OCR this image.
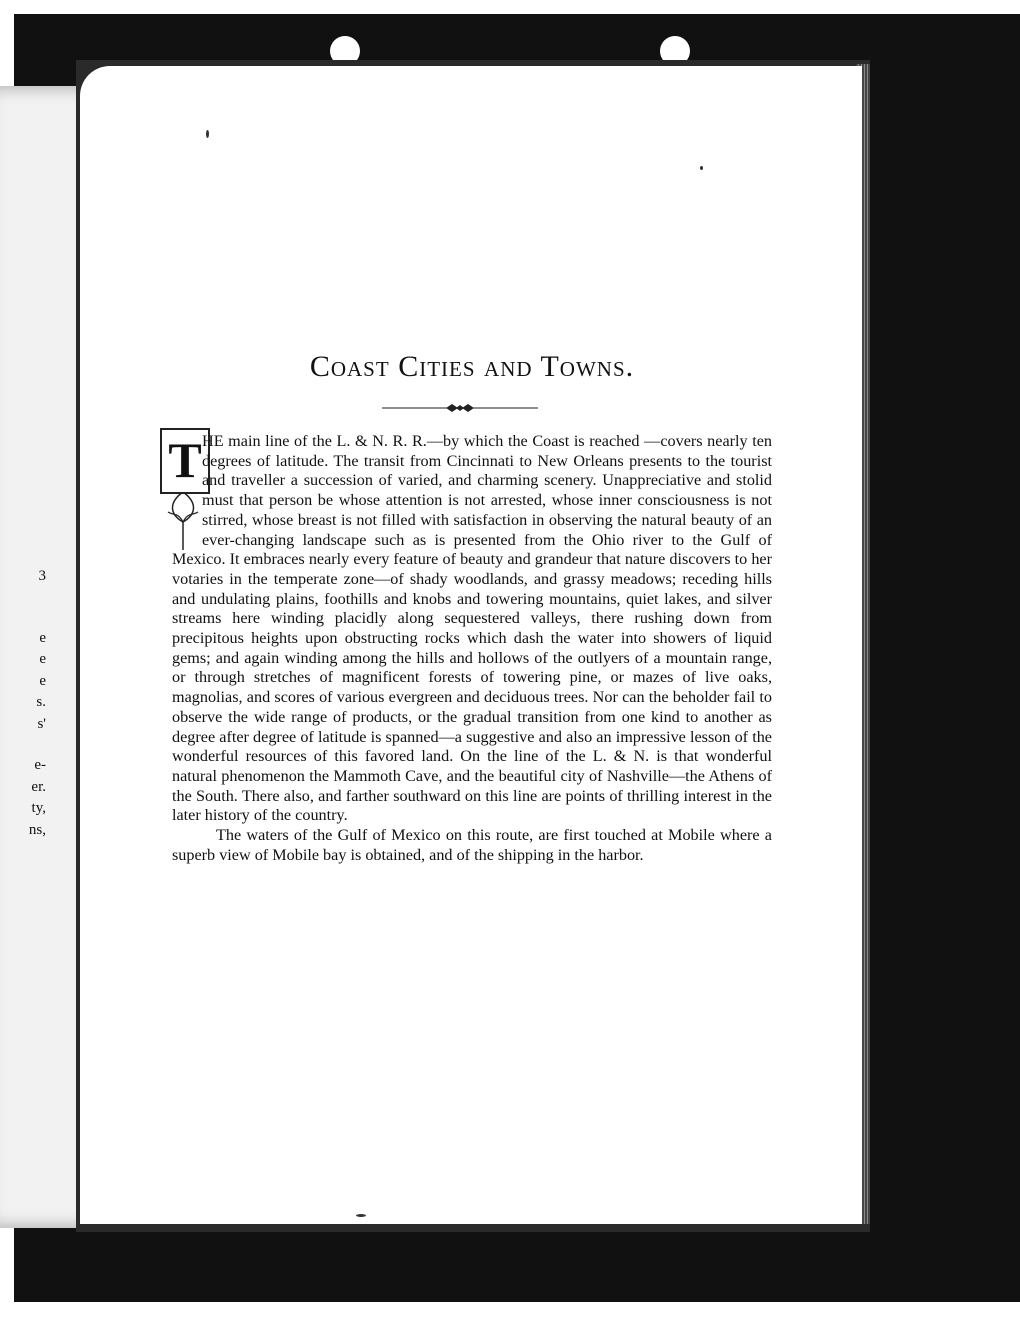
3
e
e
e
s.
s'
e-
er.
ty,
ns,
Coast Cities and Towns.
T HE main line of the L. & N. R. R.—by which the Coast is reached —covers nearly ten degrees of latitude. The transit from Cincinnati to New Orleans presents to the tourist and traveller a succession of varied, and charming scenery. Unappreciative and stolid must that person be whose attention is not arrested, whose inner consciousness is not stirred, whose breast is not filled with satisfaction in observing the natural beauty of an ever-changing landscape such as is presented from the Ohio river to the Gulf of Mexico. It embraces nearly every feature of beauty and grandeur that nature discovers to her votaries in the temperate zone—of shady woodlands, and grassy meadows; receding hills and undulating plains, foothills and knobs and towering mountains, quiet lakes, and silver streams here winding placidly along sequestered valleys, there rushing down from precipitous heights upon obstructing rocks which dash the water into showers of liquid gems; and again winding among the hills and hollows of the outlyers of a mountain range, or through stretches of magnificent forests of towering pine, or mazes of live oaks, magnolias, and scores of various evergreen and deciduous trees. Nor can the beholder fail to observe the wide range of products, or the gradual transition from one kind to another as degree after degree of latitude is spanned—a suggestive and also an impressive lesson of the wonderful resources of this favored land. On the line of the L. & N. is that wonderful natural phenomenon the Mammoth Cave, and the beautiful city of Nashville—the Athens of the South. There also, and farther southward on this line are points of thrilling interest in the later history of the country.

The waters of the Gulf of Mexico on this route, are first touched at Mobile where a superb view of Mobile bay is obtained, and of the shipping in the harbor.
